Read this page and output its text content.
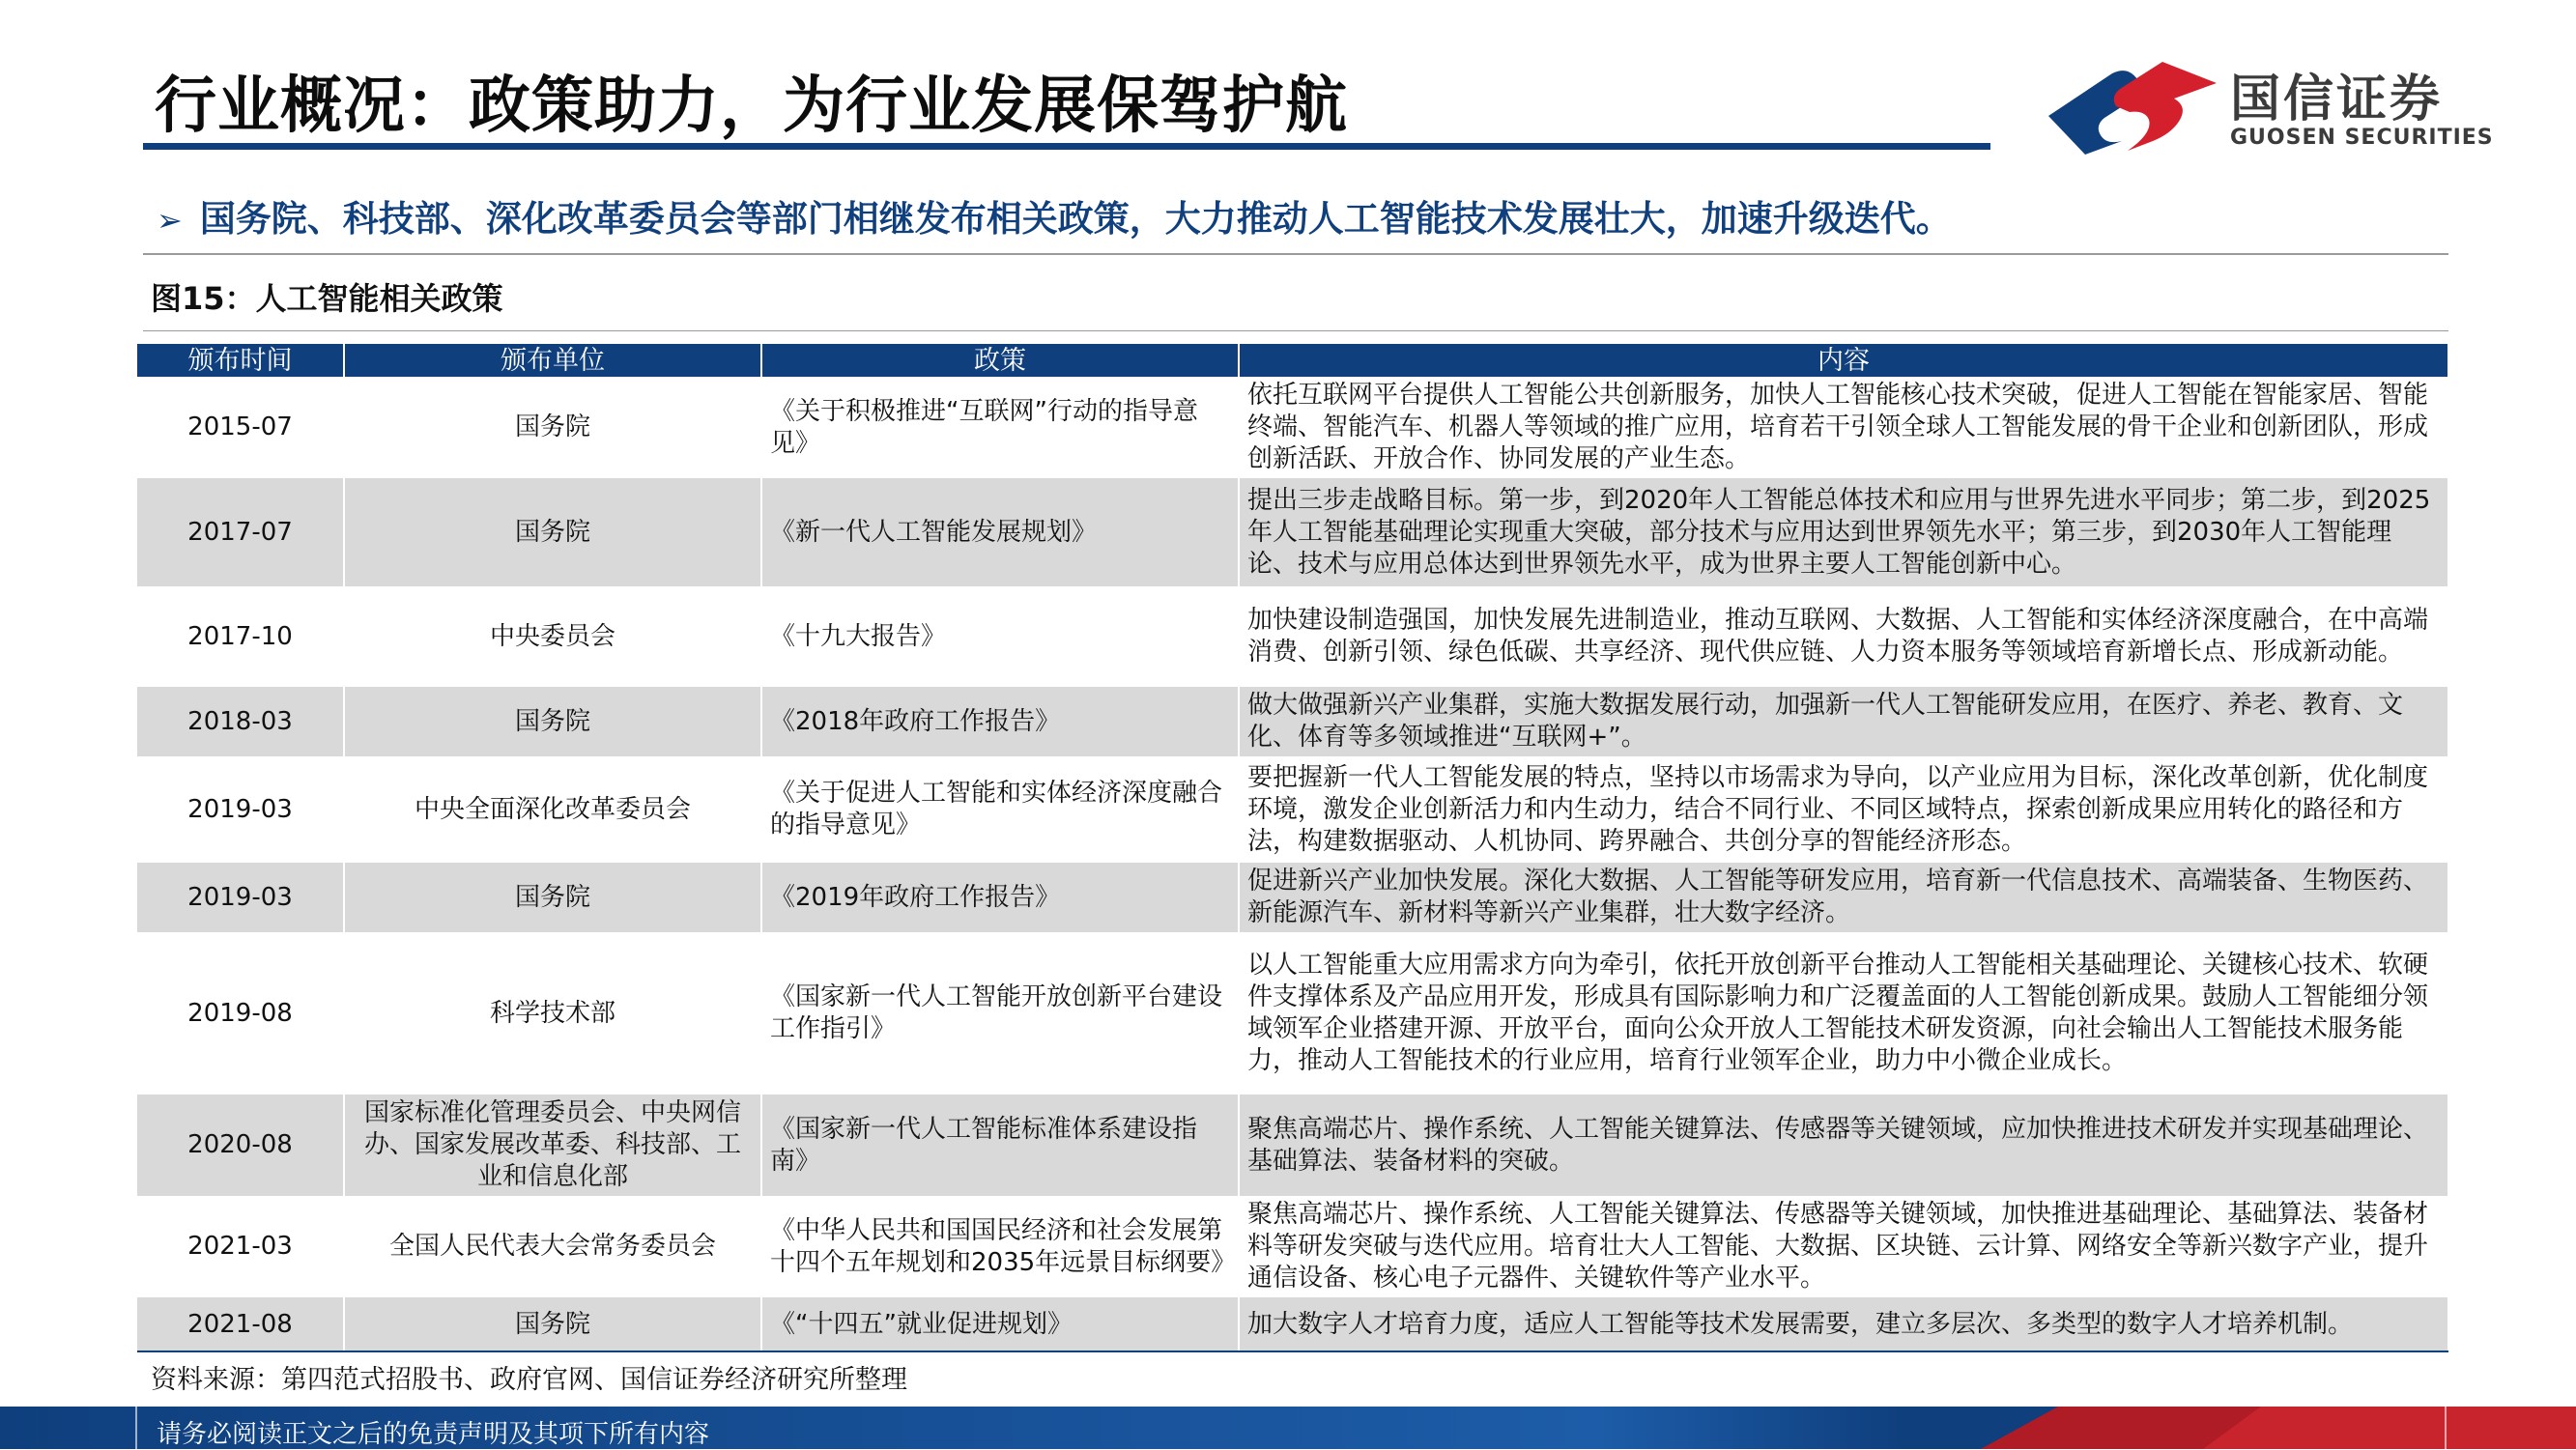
行业概况：政策助力，为行业发展保驾护航	国信证券
GUOSEN SECURITIES
➢ 国务院、科技部、深化改革委员会等部门相继发布相关政策，大力推动人工智能技术发展壮大，加速升级迭代。
图15：人工智能相关政策
颁布时间	颁布单位	政策	内容
2015-07	国务院	《关于积极推进“互联网”行动的指导意见》	依托互联网平台提供人工智能公共创新服务，加快人工智能核心技术突破，促进人工智能在智能家居、智能终端、智能汽车、机器人等领域的推广应用，培育若干引领全球人工智能发展的骨干企业和创新团队，形成创新活跃、开放合作、协同发展的产业生态。
2017-07	国务院	《新一代人工智能发展规划》	提出三步走战略目标。第一步，到2020年人工智能总体技术和应用与世界先进水平同步；第二步，到2025年人工智能基础理论实现重大突破，部分技术与应用达到世界领先水平；第三步，到2030年人工智能理论、技术与应用总体达到世界领先水平，成为世界主要人工智能创新中心。
2017-10	中央委员会	《十九大报告》	加快建设制造强国，加快发展先进制造业，推动互联网、大数据、人工智能和实体经济深度融合，在中高端消费、创新引领、绿色低碳、共享经济、现代供应链、人力资本服务等领域培育新增长点、形成新动能。
2018-03	国务院	《2018年政府工作报告》	做大做强新兴产业集群，实施大数据发展行动，加强新一代人工智能研发应用，在医疗、养老、教育、文化、体育等多领域推进“互联网+”。
2019-03	中央全面深化改革委员会	《关于促进人工智能和实体经济深度融合的指导意见》	要把握新一代人工智能发展的特点，坚持以市场需求为导向，以产业应用为目标，深化改革创新，优化制度环境，激发企业创新活力和内生动力，结合不同行业、不同区域特点，探索创新成果应用转化的路径和方法，构建数据驱动、人机协同、跨界融合、共创分享的智能经济形态。
2019-03	国务院	《2019年政府工作报告》	促进新兴产业加快发展。深化大数据、人工智能等研发应用，培育新一代信息技术、高端装备、生物医药、新能源汽车、新材料等新兴产业集群，壮大数字经济。
2019-08	科学技术部	《国家新一代人工智能开放创新平台建设工作指引》	以人工智能重大应用需求方向为牵引，依托开放创新平台推动人工智能相关基础理论、关键核心技术、软硬件支撑体系及产品应用开发，形成具有国际影响力和广泛覆盖面的人工智能创新成果。鼓励人工智能细分领域领军企业搭建开源、开放平台，面向公众开放人工智能技术研发资源，向社会输出人工智能技术服务能力，推动人工智能技术的行业应用，培育行业领军企业，助力中小微企业成长。
2020-08	国家标准化管理委员会、中央网信办、国家发展改革委、科技部、工业和信息化部	《国家新一代人工智能标准体系建设指南》	聚焦高端芯片、操作系统、人工智能关键算法、传感器等关键领域，应加快推进技术研发并实现基础理论、基础算法、装备材料的突破。
2021-03	全国人民代表大会常务委员会	《中华人民共和国国民经济和社会发展第十四个五年规划和2035年远景目标纲要》	聚焦高端芯片、操作系统、人工智能关键算法、传感器等关键领域，加快推进基础理论、基础算法、装备材料等研发突破与迭代应用。培育壮大人工智能、大数据、区块链、云计算、网络安全等新兴数字产业，提升通信设备、核心电子元器件、关键软件等产业水平。
2021-08	国务院	《“十四五”就业促进规划》	加大数字人才培育力度，适应人工智能等技术发展需要，建立多层次、多类型的数字人才培养机制。
资料来源：第四范式招股书、政府官网、国信证券经济研究所整理
请务必阅读正文之后的免责声明及其项下所有内容
